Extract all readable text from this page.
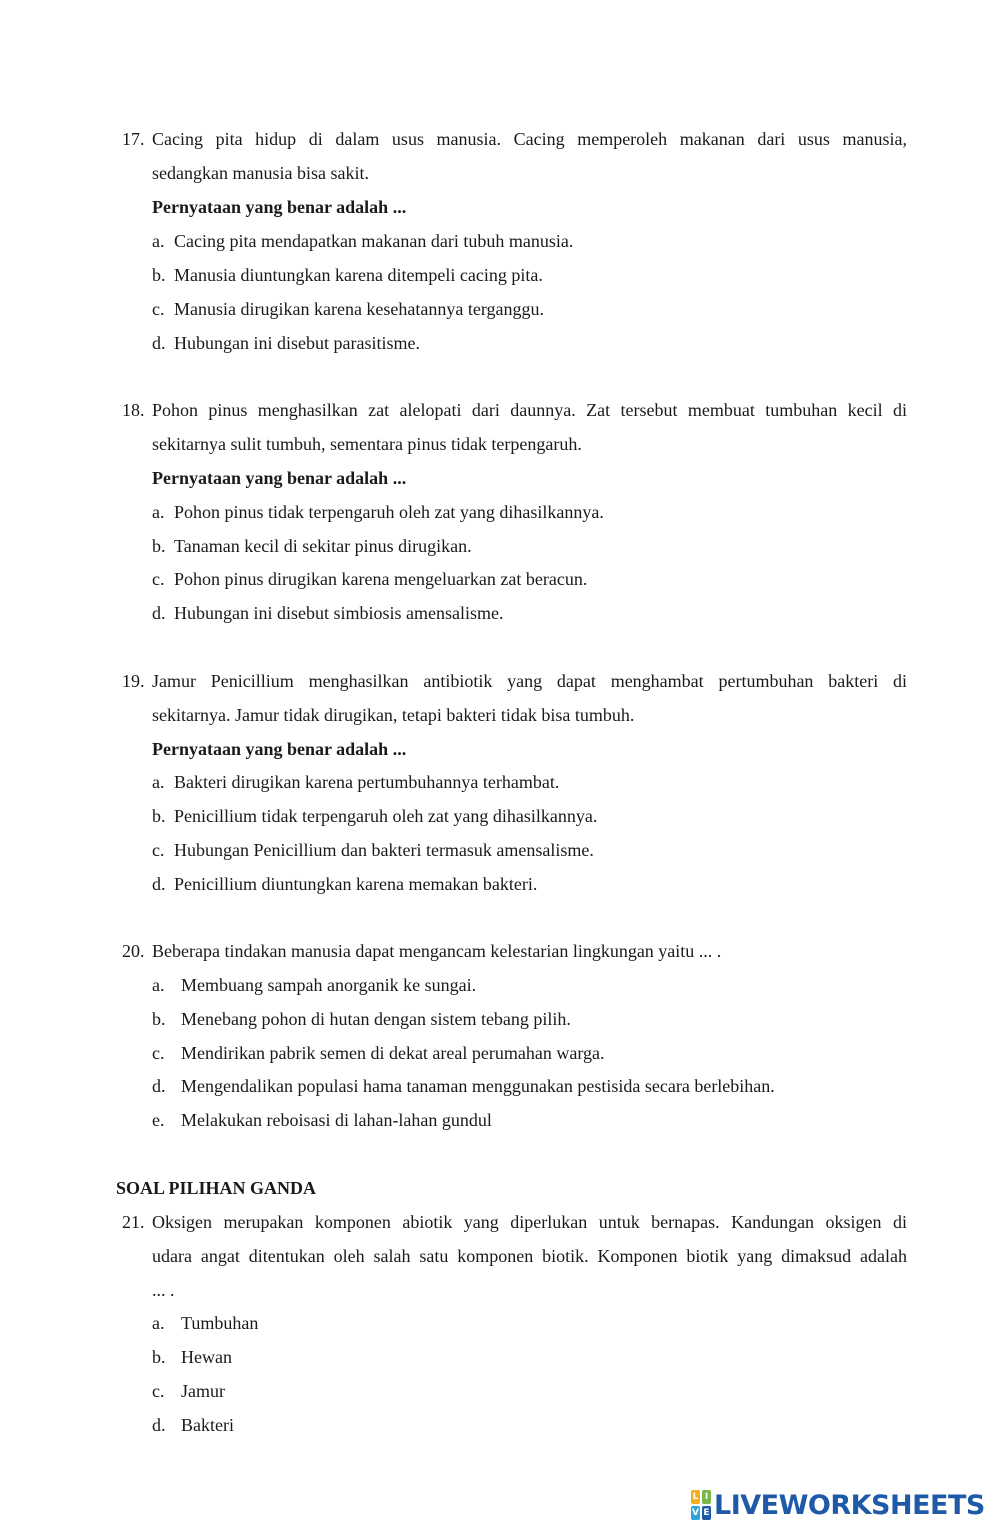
17. Cacing pita hidup di dalam usus manusia. Cacing memperoleh makanan dari usus manusia,
sedangkan manusia bisa sakit.
Pernyataan yang benar adalah ...
a. Cacing pita mendapatkan makanan dari tubuh manusia.
b. Manusia diuntungkan karena ditempeli cacing pita.
c. Manusia dirugikan karena kesehatannya terganggu.
d. Hubungan ini disebut parasitisme.
18. Pohon pinus menghasilkan zat alelopati dari daunnya. Zat tersebut membuat tumbuhan kecil di
sekitarnya sulit tumbuh, sementara pinus tidak terpengaruh.
Pernyataan yang benar adalah ...
a. Pohon pinus tidak terpengaruh oleh zat yang dihasilkannya.
b. Tanaman kecil di sekitar pinus dirugikan.
c. Pohon pinus dirugikan karena mengeluarkan zat beracun.
d. Hubungan ini disebut simbiosis amensalisme.
19. Jamur Penicillium menghasilkan antibiotik yang dapat menghambat pertumbuhan bakteri di
sekitarnya. Jamur tidak dirugikan, tetapi bakteri tidak bisa tumbuh.
Pernyataan yang benar adalah ...
a. Bakteri dirugikan karena pertumbuhannya terhambat.
b. Penicillium tidak terpengaruh oleh zat yang dihasilkannya.
c. Hubungan Penicillium dan bakteri termasuk amensalisme.
d. Penicillium diuntungkan karena memakan bakteri.
20. Beberapa tindakan manusia dapat mengancam kelestarian lingkungan yaitu ... .
a. Membuang sampah anorganik ke sungai.
b. Menebang pohon di hutan dengan sistem tebang pilih.
c. Mendirikan pabrik semen di dekat areal perumahan warga.
d. Mengendalikan populasi hama tanaman menggunakan pestisida secara berlebihan.
e. Melakukan reboisasi di lahan-lahan gundul
SOAL PILIHAN GANDA
21. Oksigen merupakan komponen abiotik yang diperlukan untuk bernapas. Kandungan oksigen di
udara angat ditentukan oleh salah satu komponen biotik. Komponen biotik yang dimaksud adalah
... .
a. Tumbuhan
b. Hewan
c. Jamur
d. Bakteri
L I
V E LIVEWORKSHEETS
